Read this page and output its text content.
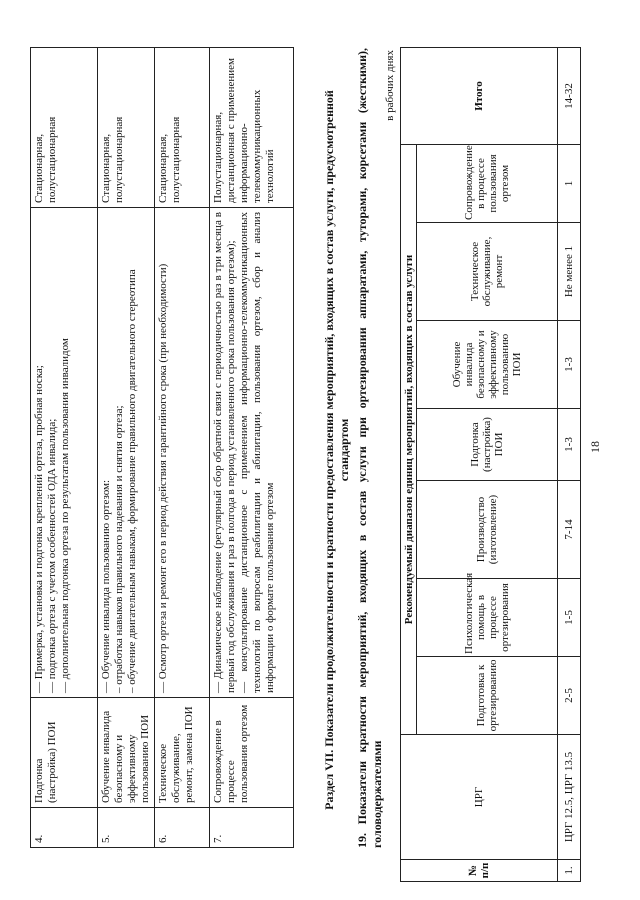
18
4.	Подгонка (настройка) ПОИ	— Примерка, установка и подгонка креплений ортеза, пробная носка; — подгонка ортеза с учетом особенностей ОДА инвалида; — дополнительная подгонка ортеза по результатам пользования инвалидом	Стационарная, полустационарная
5.	Обучение инвалида безопасному и эффективному пользованию ПОИ	— Обучение инвалида пользованию ортезом: – отработка навыков правильного надевания и снятия ортеза; – обучение двигательным навыкам, формирование правильного двигательного стереотипа	Стационарная, полустационарная
6.	Техническое обслуживание, ремонт, замена ПОИ	— Осмотр ортеза и ремонт его в период действия гарантийного срока (при необходимости)	Стационарная, полустационарная
7.	Сопровождение в процессе пользования ортезом	— Динамическое наблюдение (регулярный сбор обратной связи с периодичностью раз в три месяца в первый год обслуживания и раз в полгода в период установленного срока пользования ортезом); — консультирование дистанционное с применением информационно-телекоммуникационных технологий по вопросам реабилитации и абилитации, пользования ортезом, сбор и анализ информации о формате пользования ортезом	Полустационарная, дистанционная с применением информационно-телекоммуникационных технологий	Раздел VII. Показатели продолжительности и кратности предоставления мероприятий, входящих в состав услуги, предусмотренной стандартом 19. Показатели кратности мероприятий, входящих в состав услуги при ортезировании аппаратами, туторами, корсетами (жесткими), головодержателями
в рабочих днях
№ п/п	ЦРГ	Рекомендуемый диапазон единиц мероприятий, входящих в состав услуги							Итого
		Подготовка к ортезированию	Психологическая помощь в процессе ортезирования	Производство (изготовление)	Подгонка (настройка) ПОИ	Обучение инвалида безопасному и эффективному пользованию ПОИ	Техническое обслуживание, ремонт	Сопровождение в процессе пользования ортезом	
1.	ЦРГ 12.5, ЦРГ 13.5	2-5	1-5	7-14	1-3	1-3	Не менее 1	1	14-32
